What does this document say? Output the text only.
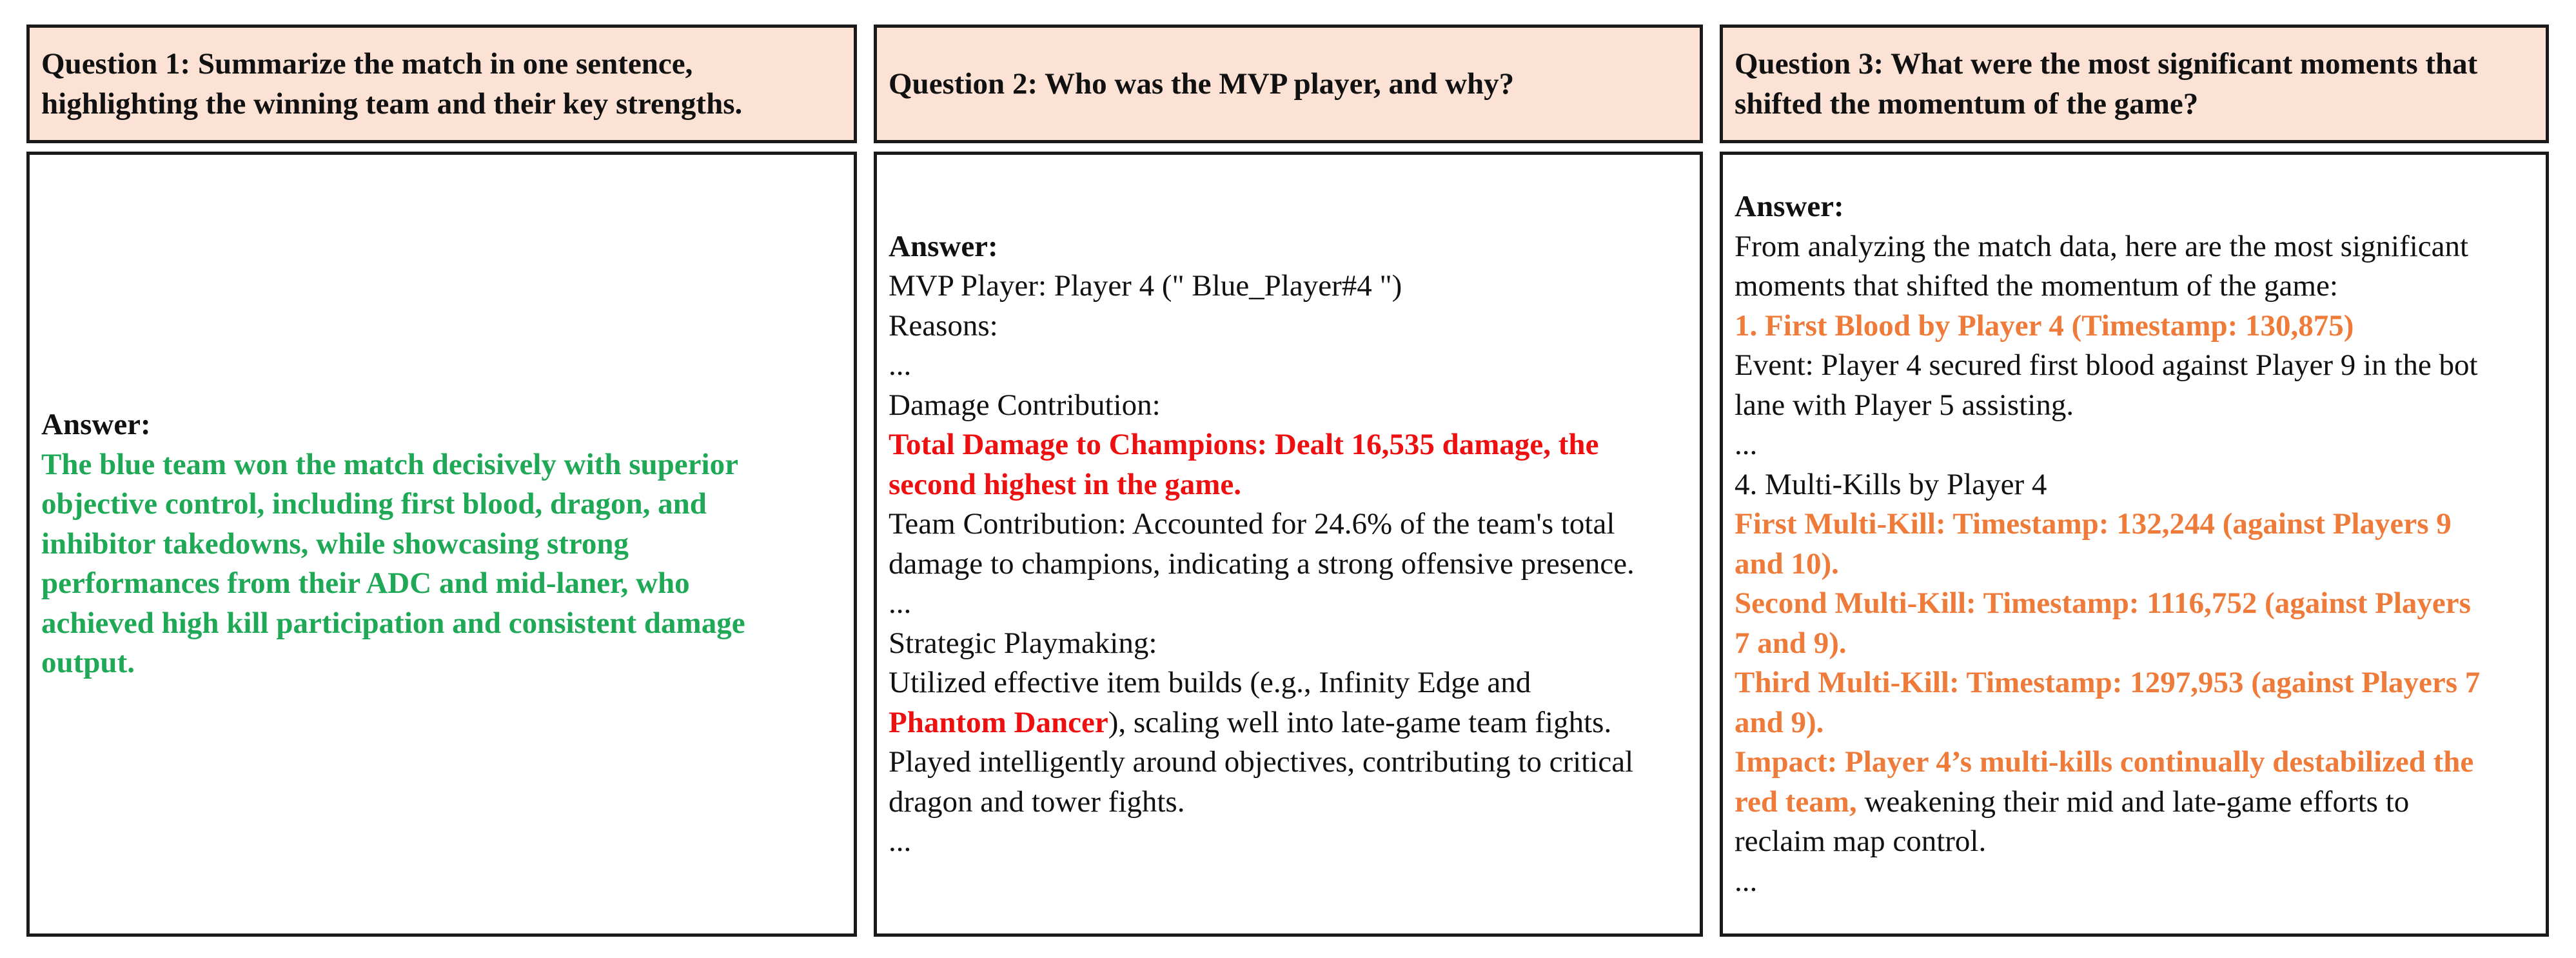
Question 1: Summarize the match in one sentence,
highlighting the winning team and their key strengths.
Question 2: Who was the MVP player, and why?
Question 3: What were the most significant moments that
shifted the momentum of the game?
Answer:
The blue team won the match decisively with superior
objective control, including first blood, dragon, and
inhibitor takedowns, while showcasing strong
performances from their ADC and mid-laner, who
achieved high kill participation and consistent damage
output.
Answer:
MVP Player: Player 4 (" Blue_Player#4 ")
Reasons:
...
Damage Contribution:
Total Damage to Champions: Dealt 16,535 damage, the
second highest in the game.
Team Contribution: Accounted for 24.6% of the team's total
damage to champions, indicating a strong offensive presence.
...
Strategic Playmaking:
Utilized effective item builds (e.g., Infinity Edge and
Phantom Dancer), scaling well into late-game team fights.
Played intelligently around objectives, contributing to critical
dragon and tower fights.
...
Answer:
From analyzing the match data, here are the most significant
moments that shifted the momentum of the game:
1. First Blood by Player 4 (Timestamp: 130,875)
Event: Player 4 secured first blood against Player 9 in the bot
lane with Player 5 assisting.
...
4. Multi-Kills by Player 4
First Multi-Kill: Timestamp: 132,244 (against Players 9
and 10).
Second Multi-Kill: Timestamp: 1116,752 (against Players
7 and 9).
Third Multi-Kill: Timestamp: 1297,953 (against Players 7
and 9).
Impact: Player 4’s multi-kills continually destabilized the
red team, weakening their mid and late-game efforts to
reclaim map control.
...
